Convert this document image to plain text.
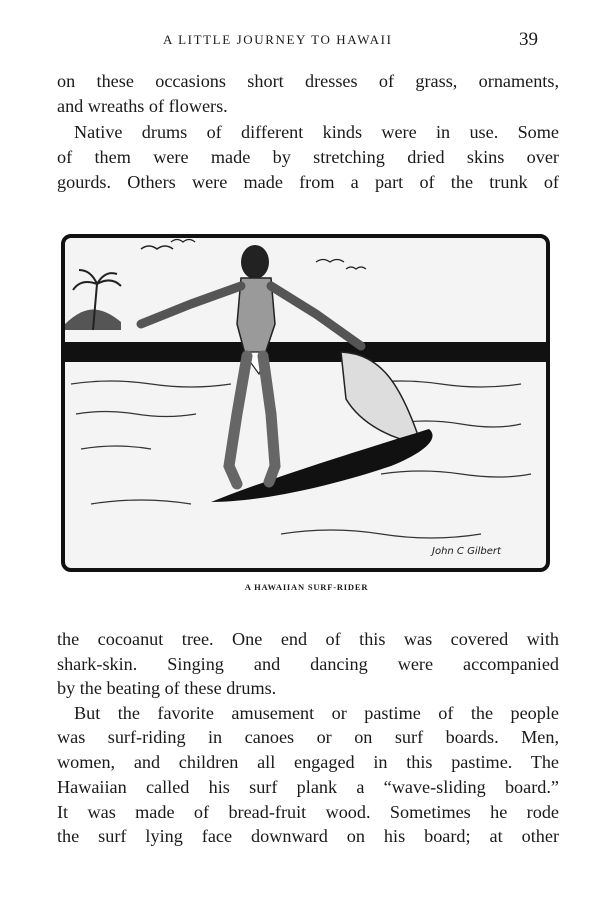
A LITTLE JOURNEY TO HAWAII	39
on these occasions short dresses of grass, ornaments,
and wreaths of flowers.
Native drums of different kinds were in use. Some
of them were made by stretching dried skins over
gourds. Others were made from a part of the trunk of
John C Gilbert
A HAWAIIAN SURF-RIDER
the cocoanut tree. One end of this was covered with
shark-skin. Singing and dancing were accompanied
by the beating of these drums.
But the favorite amusement or pastime of the people
was surf-riding in canoes or on surf boards. Men,
women, and children all engaged in this pastime. The
Hawaiian called his surf plank a “wave-sliding board.”
It was made of bread-fruit wood. Sometimes he rode
the surf lying face downward on his board; at other
